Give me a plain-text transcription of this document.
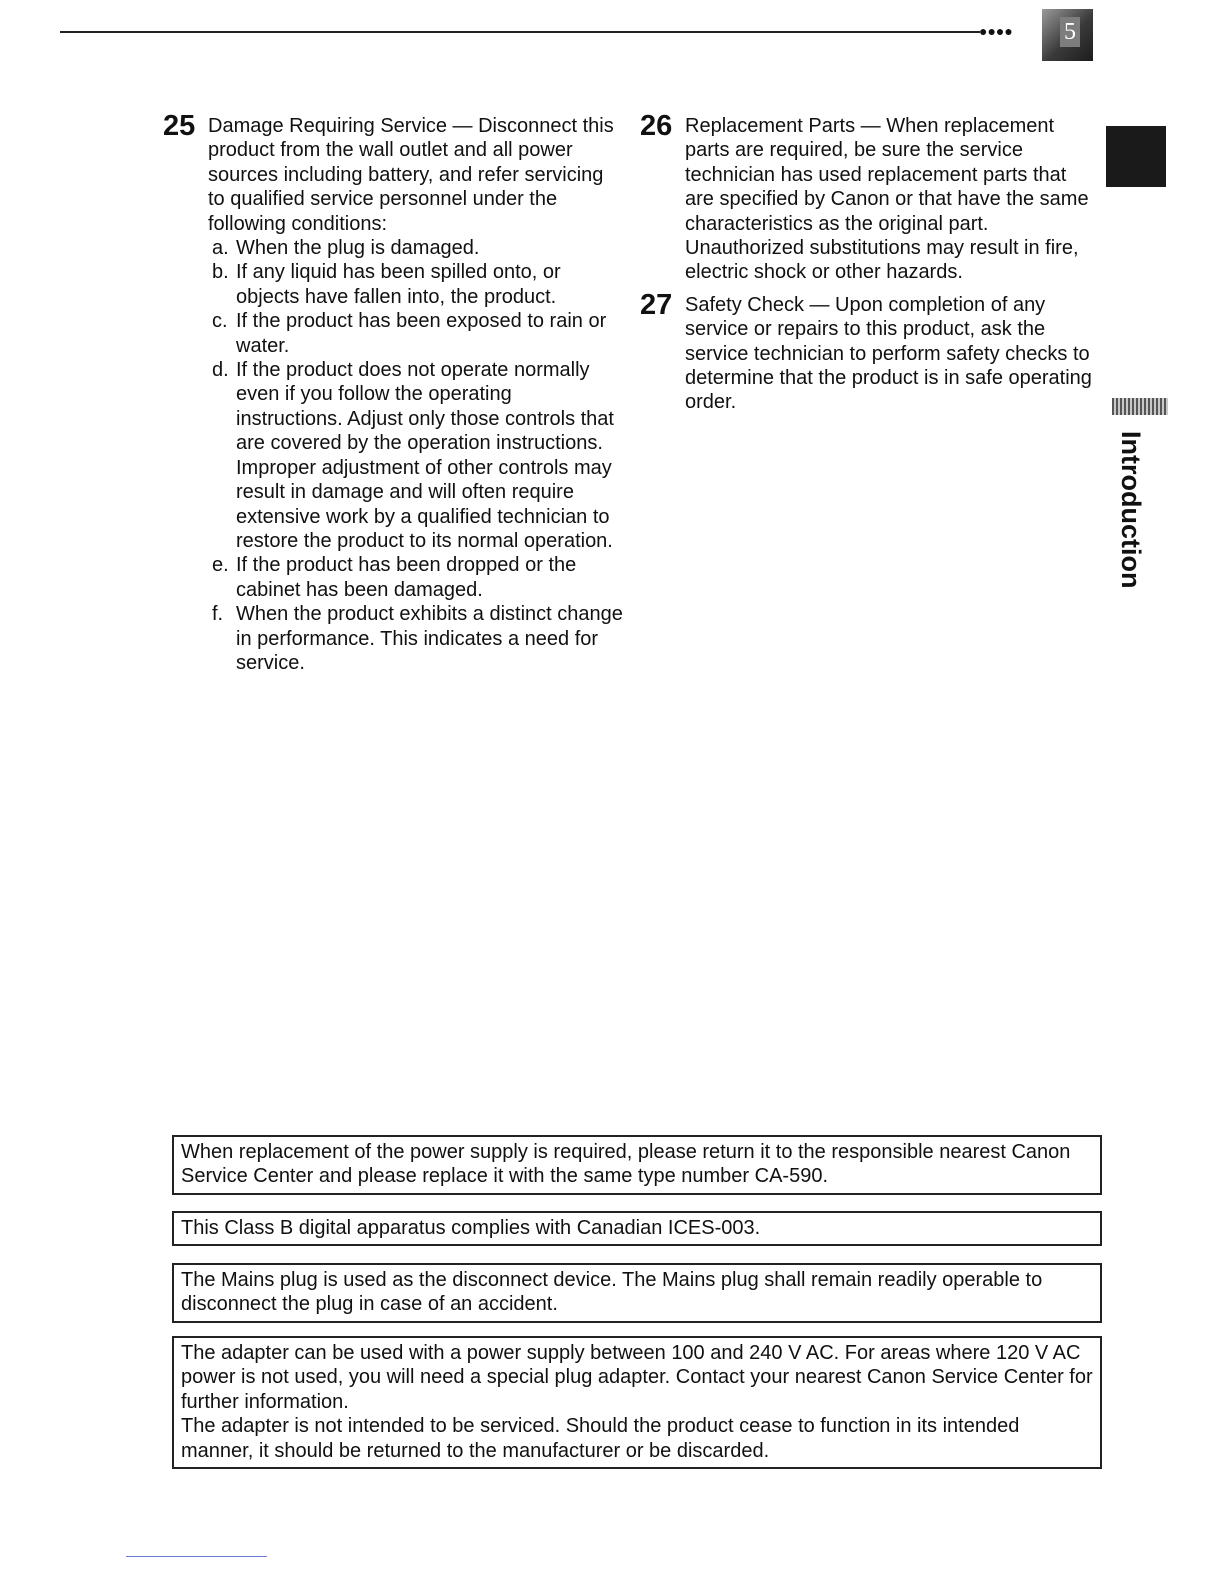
●●●● 5
Introduction
25 Damage Requiring Service — Disconnect this product from the wall outlet and all power sources including battery, and refer servicing to qualified service personnel under the following conditions:
a. When the plug is damaged.
b. If any liquid has been spilled onto, or objects have fallen into, the product.
c. If the product has been exposed to rain or water.
d. If the product does not operate normally even if you follow the operating instructions. Adjust only those controls that are covered by the operation instructions. Improper adjustment of other controls may result in damage and will often require extensive work by a qualified technician to restore the product to its normal operation.
e. If the product has been dropped or the cabinet has been damaged.
f. When the product exhibits a distinct change in performance. This indicates a need for service.
26 Replacement Parts — When replacement parts are required, be sure the service technician has used replacement parts that are specified by Canon or that have the same characteristics as the original part. Unauthorized substitutions may result in fire, electric shock or other hazards.
27 Safety Check — Upon completion of any service or repairs to this product, ask the service technician to perform safety checks to determine that the product is in safe operating order.

When replacement of the power supply is required, please return it to the responsible nearest Canon Service Center and please replace it with the same type number CA-590.

This Class B digital apparatus complies with Canadian ICES-003.

The Mains plug is used as the disconnect device. The Mains plug shall remain readily operable to disconnect the plug in case of an accident.

The adapter can be used with a power supply between 100 and 240 V AC. For areas where 120 V AC power is not used, you will need a special plug adapter. Contact your nearest Canon Service Center for further information.

The adapter is not intended to be serviced. Should the product cease to function in its intended manner, it should be returned to the manufacturer or be discarded.
